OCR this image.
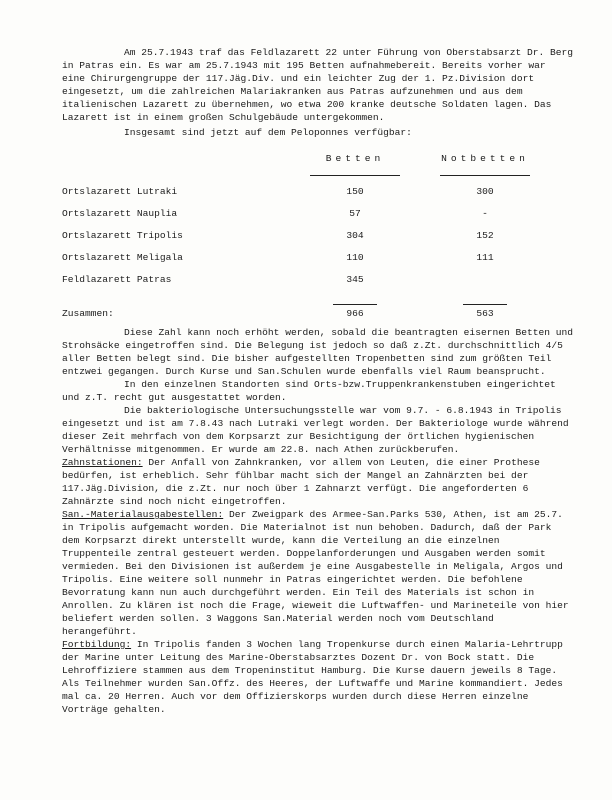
Am 25.7.1943 traf das Feldlazarett 22 unter Führung von Oberstabsarzt Dr. Berg in Patras ein. Es war am 25.7.1943 mit 195 Betten aufnahmebereit. Bereits vorher war eine Chirurgengruppe der 117.Jäg.Div. und ein leichter Zug der 1. Pz.Division dort eingesetzt, um die zahlreichen Malariakranken aus Patras aufzunehmen und aus dem italienischen Lazarett zu übernehmen, wo etwa 200 kranke deutsche Soldaten lagen. Das Lazarett ist in einem großen Schulgebäude untergekommen.

Insgesamt sind jetzt auf dem Peloponnes verfügbar:

	Betten	Notbetten

Ortslazarett Lutraki	150	300
Ortslazarett Nauplia	57	-
Ortslazarett Tripolis	304	152
Ortslazarett Meligala	110	111
Feldlazarett Patras	345	
Zusammen:	966	563

Diese Zahl kann noch erhöht werden, sobald die beantragten eisernen Betten und Strohsäcke eingetroffen sind. Die Belegung ist jedoch so daß z.Zt. durchschnittlich 4/5 aller Betten belegt sind. Die bisher aufgestellten Tropenbetten sind zum größten Teil entzwei gegangen. Durch Kurse und San.Schulen wurde ebenfalls viel Raum beansprucht.

In den einzelnen Standorten sind Orts-bzw.Truppenkrankenstuben eingerichtet und z.T. recht gut ausgestattet worden.

Die bakteriologische Untersuchungsstelle war vom 9.7. - 6.8.1943 in Tripolis eingesetzt und ist am 7.8.43 nach Lutraki verlegt worden. Der Bakteriologe wurde während dieser Zeit mehrfach von dem Korpsarzt zur Besichtigung der örtlichen hygienischen Verhältnisse mitgenommen. Er wurde am 22.8. nach Athen zurückberufen.

Zahnstationen: Der Anfall von Zahnkranken, vor allem von Leuten, die einer Prothese bedürfen, ist erheblich. Sehr fühlbar macht sich der Mangel an Zahnärzten bei der 117.Jäg.Division, die z.Zt. nur noch über 1 Zahnarzt verfügt. Die angeforderten 6 Zahnärzte sind noch nicht eingetroffen.

San.-Materialausgabestellen: Der Zweigpark des Armee-San.Parks 530, Athen, ist am 25.7. in Tripolis aufgemacht worden. Die Materialnot ist nun behoben. Dadurch, daß der Park dem Korpsarzt direkt unterstellt wurde, kann die Verteilung an die einzelnen Truppenteile zentral gesteuert werden. Doppelanforderungen und Ausgaben werden somit vermieden. Bei den Divisionen ist außerdem je eine Ausgabestelle in Meligala, Argos und Tripolis. Eine weitere soll nunmehr in Patras eingerichtet werden. Die befohlene Bevorratung kann nun auch durchgeführt werden. Ein Teil des Materials ist schon in Anrollen. Zu klären ist noch die Frage, wieweit die Luftwaffen- und Marineteile von hier beliefert werden sollen. 3 Waggons San.Material werden noch vom Deutschland herangeführt.

Fortbildung: In Tripolis fanden 3 Wochen lang Tropenkurse durch einen Malaria-Lehrtrupp der Marine unter Leitung des Marine-Oberstabsarztes Dozent Dr. von Bock statt. Die Lehroffiziere stammen aus dem Tropeninstitut Hamburg. Die Kurse dauern jeweils 8 Tage. Als Teilnehmer wurden San.Offz. des Heeres, der Luftwaffe und Marine kommandiert. Jedes mal ca. 20 Herren. Auch vor dem Offizierskorps wurden durch diese Herren einzelne Vorträge gehalten.
